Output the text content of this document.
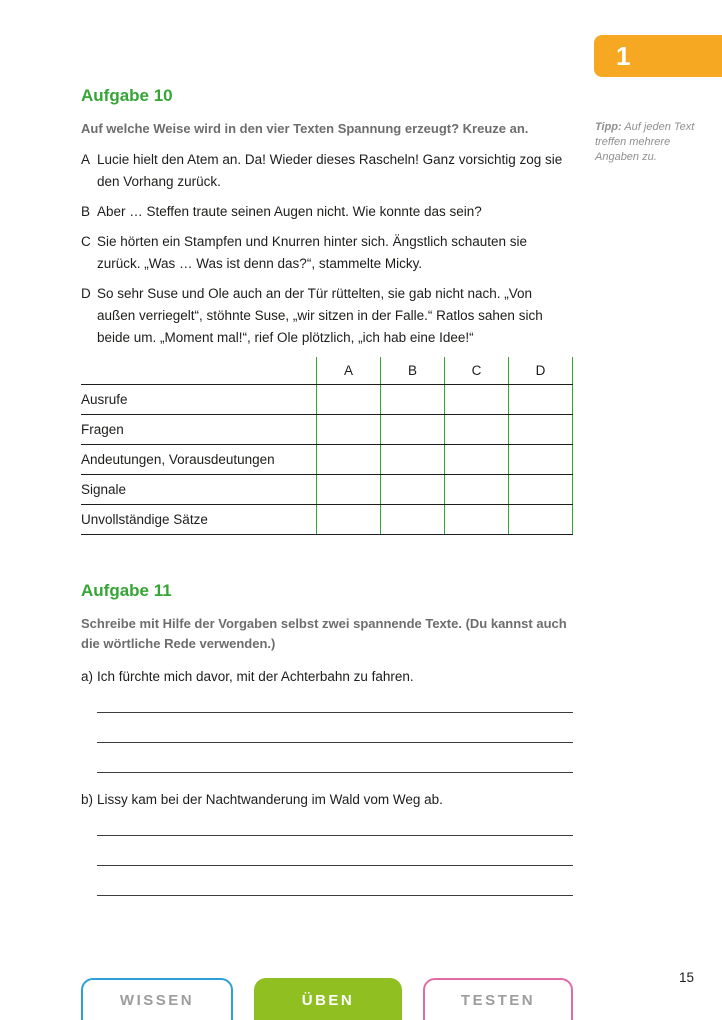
1
Tipp: Auf jeden Text treffen mehrere Angaben zu.
Aufgabe 10

Auf welche Weise wird in den vier Texten Spannung erzeugt? Kreuze an.

A Lucie hielt den Atem an. Da! Wieder dieses Rascheln! Ganz vorsichtig zog sie den Vorhang zurück.
B Aber … Steffen traute seinen Augen nicht. Wie konnte das sein?
C Sie hörten ein Stampfen und Knurren hinter sich. Ängstlich schauten sie zurück. „Was … Was ist denn das?“, stammelte Micky.
D So sehr Suse und Ole auch an der Tür rüttelten, sie gab nicht nach. „Von außen verriegelt“, stöhnte Suse, „wir sitzen in der Falle.“ Ratlos sahen sich beide um. „Moment mal!“, rief Ole plötzlich, „ich hab eine Idee!“
	A	B	C	D
Ausrufe				
Fragen				
Andeutungen, Vorausdeutungen				
Signale				
Unvollständige Sätze				
Aufgabe 11

Schreibe mit Hilfe der Vorgaben selbst zwei spannende Texte. (Du kannst auch die wörtliche Rede verwenden.)

a) Ich fürchte mich davor, mit der Achterbahn zu fahren.
b) Lissy kam bei der Nachtwanderung im Wald vom Weg ab.
15
WISSEN	ÜBEN	TESTEN
